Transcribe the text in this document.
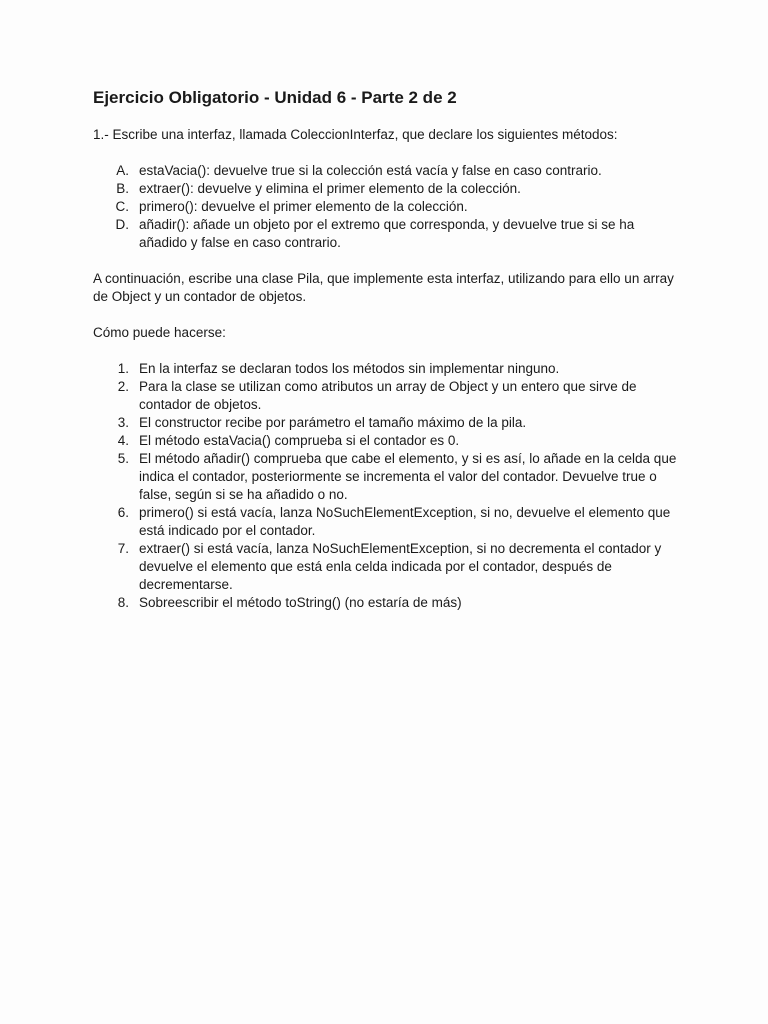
Ejercicio Obligatorio - Unidad 6 - Parte 2 de 2

1.- Escribe una interfaz, llamada ColeccionInterfaz, que declare los siguientes métodos:

A. estaVacia(): devuelve true si la colección está vacía y false en caso contrario.
B. extraer(): devuelve y elimina el primer elemento de la colección.
C. primero(): devuelve el primer elemento de la colección.
D. añadir(): añade un objeto por el extremo que corresponda, y devuelve true si se ha añadido y false en caso contrario.

A continuación, escribe una clase Pila, que implemente esta interfaz, utilizando para ello un array de Object y un contador de objetos.

Cómo puede hacerse:

1. En la interfaz se declaran todos los métodos sin implementar ninguno.
2. Para la clase se utilizan como atributos un array de Object y un entero que sirve de contador de objetos.
3. El constructor recibe por parámetro el tamaño máximo de la pila.
4. El método estaVacia() comprueba si el contador es 0.
5. El método añadir() comprueba que cabe el elemento, y si es así, lo añade en la celda que indica el contador, posteriormente se incrementa el valor del contador. Devuelve true o false, según si se ha añadido o no.
6. primero() si está vacía, lanza NoSuchElementException, si no, devuelve el elemento que está indicado por el contador.
7. extraer() si está vacía, lanza NoSuchElementException, si no decrementa el contador y devuelve el elemento que está enla celda indicada por el contador, después de decrementarse.
8. Sobreescribir el método toString() (no estaría de más)
